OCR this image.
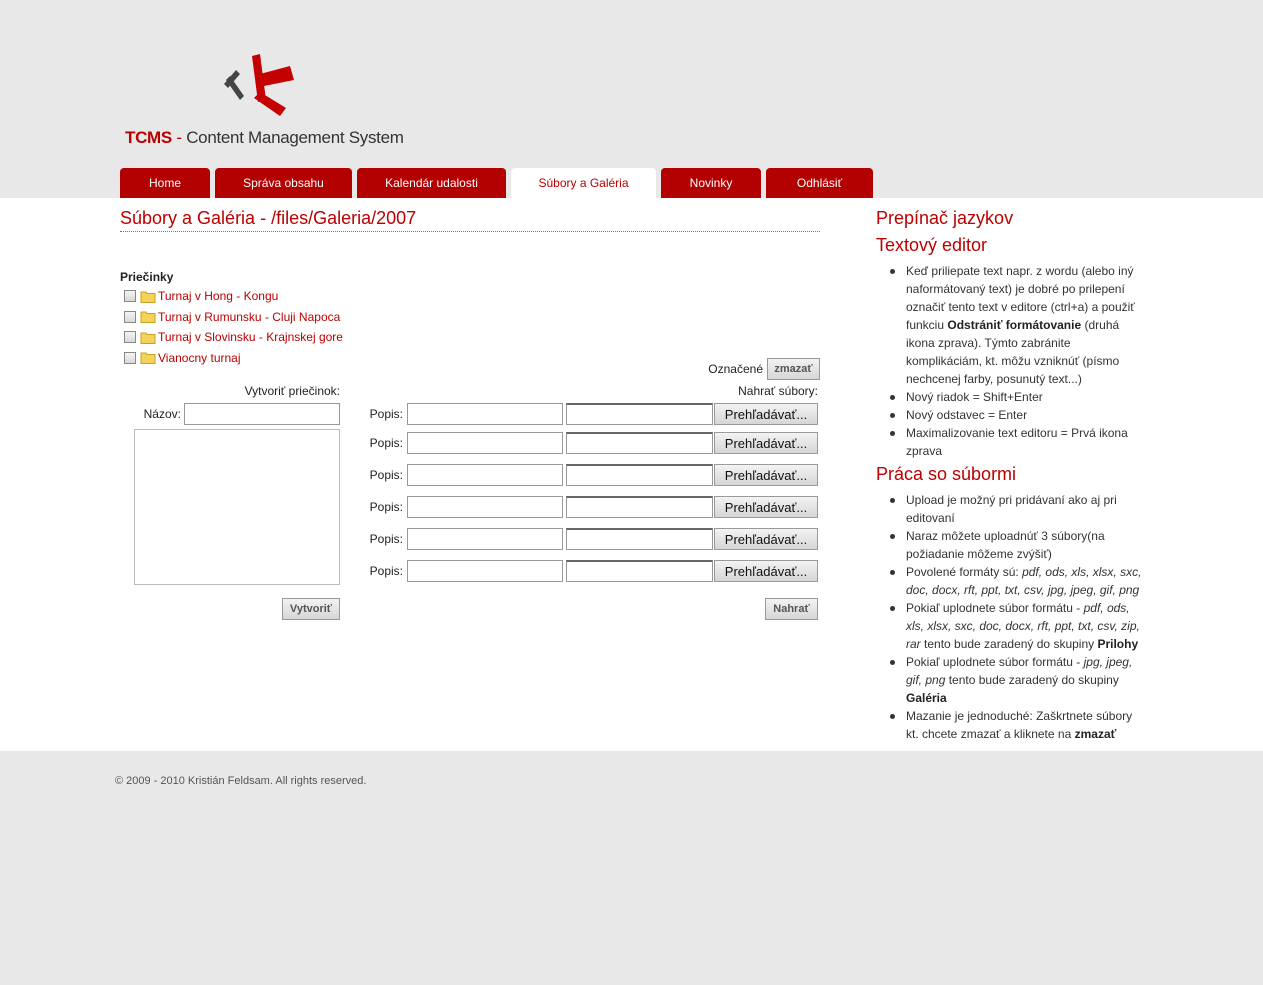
TCMS - Content Management System
Home	Správa obsahu	Kalendár udalosti	Súbory a Galéria	Novinky	Odhlásiť
Súbory a Galéria - /files/Galeria/2007
Priečinky
Turnaj v Hong - Kongu
Turnaj v Rumunsku - Cluji Napoca
Turnaj v Slovinsku - Krajnskej gore
Vianocny turnaj
Označené	zmazať
Vytvoriť priečinok:
Názov:
Vytvoriť
Nahrať súbory:
Popis:	Prehľadávať...
Popis:	Prehľadávať...
Popis:	Prehľadávať...
Popis:	Prehľadávať...
Popis:	Prehľadávať...
Popis:	Prehľadávať...
Nahrať
Prepínač jazykov
Textový editor
Keď priliepate text napr. z wordu (alebo iný naformátovaný text) je dobré po prilepení označiť tento text v editore (ctrl+a) a použiť funkciu Odstrániť formátovanie (druhá ikona zprava). Týmto zabránite komplikáciám, kt. môžu vzniknúť (písmo nechcenej farby, posunutý text...)
Nový riadok = Shift+Enter
Nový odstavec = Enter
Maximalizovanie text editoru = Prvá ikona zprava
Práca so súbormi
Upload je možný pri pridávaní ako aj pri editovaní
Naraz môžete uploadnúť 3 súbory(na požiadanie môžeme zvýšiť)
Povolené formáty sú: pdf, ods, xls, xlsx, sxc, doc, docx, rft, ppt, txt, csv, jpg, jpeg, gif, png
Pokiaľ uplodnete súbor formátu - pdf, ods, xls, xlsx, sxc, doc, docx, rft, ppt, txt, csv, zip, rar tento bude zaradený do skupiny Prilohy
Pokiaľ uplodnete súbor formátu - jpg, jpeg, gif, png tento bude zaradený do skupiny Galéria
Mazanie je jednoduché: Zaškrtnete súbory kt. chcete zmazať a kliknete na zmazať
© 2009 - 2010 Kristián Feldsam. All rights reserved.
